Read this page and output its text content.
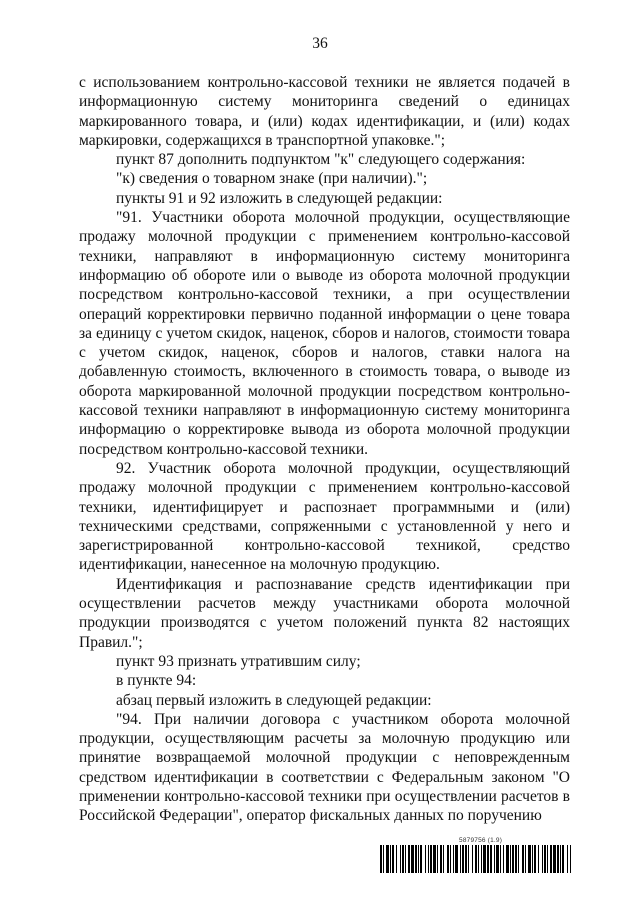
36

с использованием контрольно-кассовой техники не является подачей в информационную систему мониторинга сведений о единицах маркированного товара, и (или) кодах идентификации, и (или) кодах маркировки, содержащихся в транспортной упаковке.";

пункт 87 дополнить подпунктом "к" следующего содержания:

"к) сведения о товарном знаке (при наличии).";

пункты 91 и 92 изложить в следующей редакции:

"91. Участники оборота молочной продукции, осуществляющие продажу молочной продукции с применением контрольно-кассовой техники, направляют в информационную систему мониторинга информацию об обороте или о выводе из оборота молочной продукции посредством контрольно-кассовой техники, а при осуществлении операций корректировки первично поданной информации о цене товара за единицу с учетом скидок, наценок, сборов и налогов, стоимости товара с учетом скидок, наценок, сборов и налогов, ставки налога на добавленную стоимость, включенного в стоимость товара, о выводе из оборота маркированной молочной продукции посредством контрольно-кассовой техники направляют в информационную систему мониторинга информацию о корректировке вывода из оборота молочной продукции посредством контрольно-кассовой техники.

92. Участник оборота молочной продукции, осуществляющий продажу молочной продукции с применением контрольно-кассовой техники, идентифицирует и распознает программными и (или) техническими средствами, сопряженными с установленной у него и зарегистрированной контрольно-кассовой техникой, средство идентификации, нанесенное на молочную продукцию.

Идентификация и распознавание средств идентификации при осуществлении расчетов между участниками оборота молочной продукции производятся с учетом положений пункта 82 настоящих Правил.";

пункт 93 признать утратившим силу;

в пункте 94:

абзац первый изложить в следующей редакции:

"94. При наличии договора с участником оборота молочной продукции, осуществляющим расчеты за молочную продукцию или принятие возвращаемой молочной продукции с неповрежденным средством идентификации в соответствии с Федеральным законом "О применении контрольно-кассовой техники при осуществлении расчетов в Российской Федерации", оператор фискальных данных по поручению

5879756 (1.9)
